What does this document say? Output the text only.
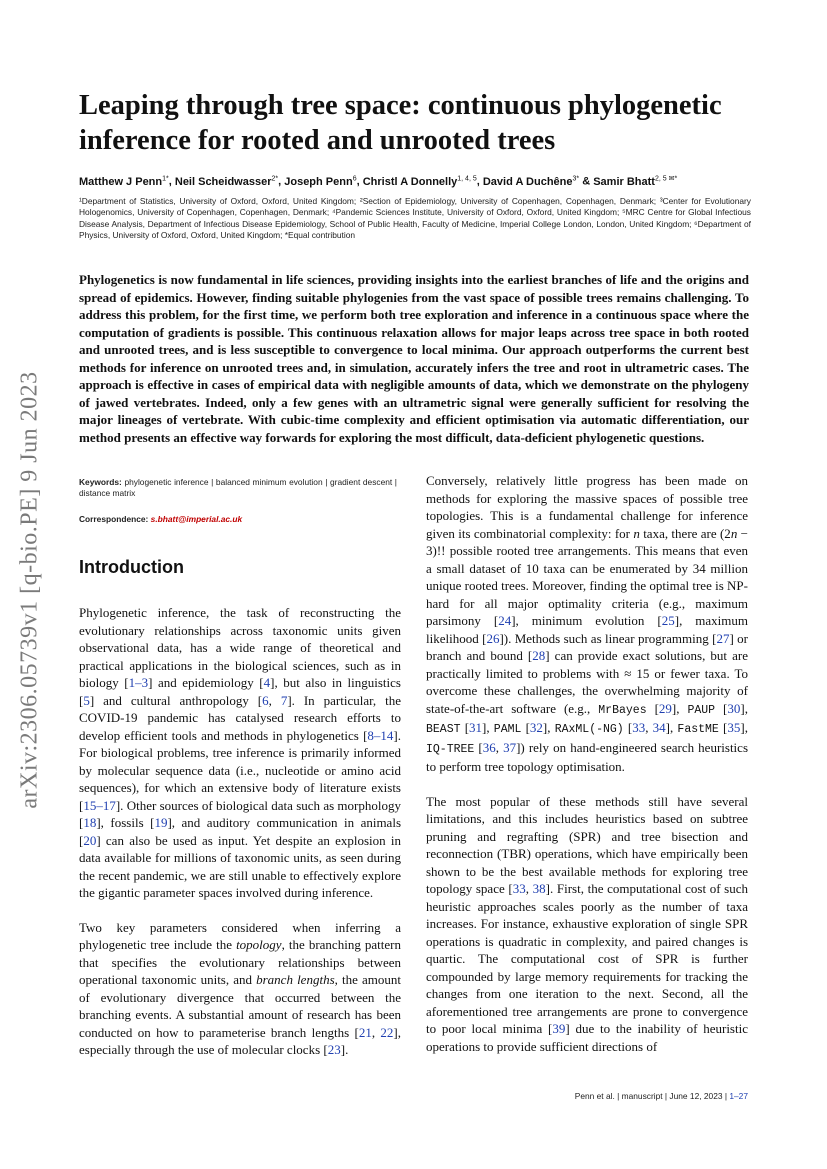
arXiv:2306.05739v1 [q-bio.PE] 9 Jun 2023
Leaping through tree space: continuous phylogenetic inference for rooted and unrooted trees
Matthew J Penn$^{1*}$, Neil Scheidwasser$^{2*}$, Joseph Penn$^6$, Christl A Donnelly$^{1, 4, 5}$, David A Duchêne$^{3*}$ & Samir Bhatt$^{2, 5 ✉*}$
¹Department of Statistics, University of Oxford, Oxford, United Kingdom; ²Section of Epidemiology, University of Copenhagen, Copenhagen, Denmark; ³Center for Evolutionary Hologenomics, University of Copenhagen, Copenhagen, Denmark; ⁴Pandemic Sciences Institute, University of Oxford, Oxford, United Kingdom; ⁵MRC Centre for Global Infectious Disease Analysis, Department of Infectious Disease Epidemiology, School of Public Health, Faculty of Medicine, Imperial College London, London, United Kingdom; ⁶Department of Physics, University of Oxford, Oxford, United Kingdom; *Equal contribution

Phylogenetics is now fundamental in life sciences, providing insights into the earliest branches of life and the origins and spread of epidemics. However, finding suitable phylogenies from the vast space of possible trees remains challenging. To address this problem, for the first time, we perform both tree exploration and inference in a continuous space where the computation of gradients is possible. This continuous relaxation allows for major leaps across tree space in both rooted and unrooted trees, and is less susceptible to convergence to local minima. Our approach outperforms the current best methods for inference on unrooted trees and, in simulation, accurately infers the tree and root in ultrametric cases. The approach is effective in cases of empirical data with negligible amounts of data, which we demonstrate on the phylogeny of jawed vertebrates. Indeed, only a few genes with an ultrametric signal were generally sufficient for resolving the major lineages of vertebrate. With cubic-time complexity and efficient optimisation via automatic differentiation, our method presents an effective way forwards for exploring the most difficult, data-deficient phylogenetic questions.

Keywords: phylogenetic inference | balanced minimum evolution | gradient descent | distance matrix
Correspondence: s.bhatt@imperial.ac.uk
Introduction

Phylogenetic inference, the task of reconstructing the evolutionary relationships across taxonomic units given observational data, has a wide range of theoretical and practical applications in the biological sciences, such as in biology [1–3] and epidemiology [4], but also in linguistics [5] and cultural anthropology [6, 7]. In particular, the COVID-19 pandemic has catalysed research efforts to develop efficient tools and methods in phylogenetics [8–14]. For biological problems, tree inference is primarily informed by molecular sequence data (i.e., nucleotide or amino acid sequences), for which an extensive body of literature exists [15–17]. Other sources of biological data such as morphology [18], fossils [19], and auditory communication in animals [20] can also be used as input. Yet despite an explosion in data available for millions of taxonomic units, as seen during the recent pandemic, we are still unable to effectively explore the gigantic parameter spaces involved during inference.

Two key parameters considered when inferring a phylogenetic tree include the topology, the branching pattern that specifies the evolutionary relationships between operational taxonomic units, and branch lengths, the amount of evolutionary divergence that occurred between the branching events. A substantial amount of research has been conducted on how to parameterise branch lengths [21, 22], especially through the use of molecular clocks [23].

Conversely, relatively little progress has been made on methods for exploring the massive spaces of possible tree topologies. This is a fundamental challenge for inference given its combinatorial complexity: for n taxa, there are (2n − 3)!! possible rooted tree arrangements. This means that even a small dataset of 10 taxa can be enumerated by 34 million unique rooted trees. Moreover, finding the optimal tree is NP-hard for all major optimality criteria (e.g., maximum parsimony [24], minimum evolution [25], maximum likelihood [26]). Methods such as linear programming [27] or branch and bound [28] can provide exact solutions, but are practically limited to problems with ≈ 15 or fewer taxa. To overcome these challenges, the overwhelming majority of state-of-the-art software (e.g., MrBayes [29], PAUP [30], BEAST [31], PAML [32], RAxML(-NG) [33, 34], FastME [35], IQ-TREE [36, 37]) rely on hand-engineered search heuristics to perform tree topology optimisation.

The most popular of these methods still have several limitations, and this includes heuristics based on subtree pruning and regrafting (SPR) and tree bisection and reconnection (TBR) operations, which have empirically been shown to be the best available methods for exploring tree topology space [33, 38]. First, the computational cost of such heuristic approaches scales poorly as the number of taxa increases. For instance, exhaustive exploration of single SPR operations is quadratic in complexity, and paired changes is quartic. The computational cost of SPR is further compounded by large memory requirements for tracking the changes from one iteration to the next. Second, all the aforementioned tree arrangements are prone to convergence to poor local minima [39] due to the inability of heuristic operations to provide sufficient directions of

Penn et al. | manuscript | June 12, 2023 | 1–27
